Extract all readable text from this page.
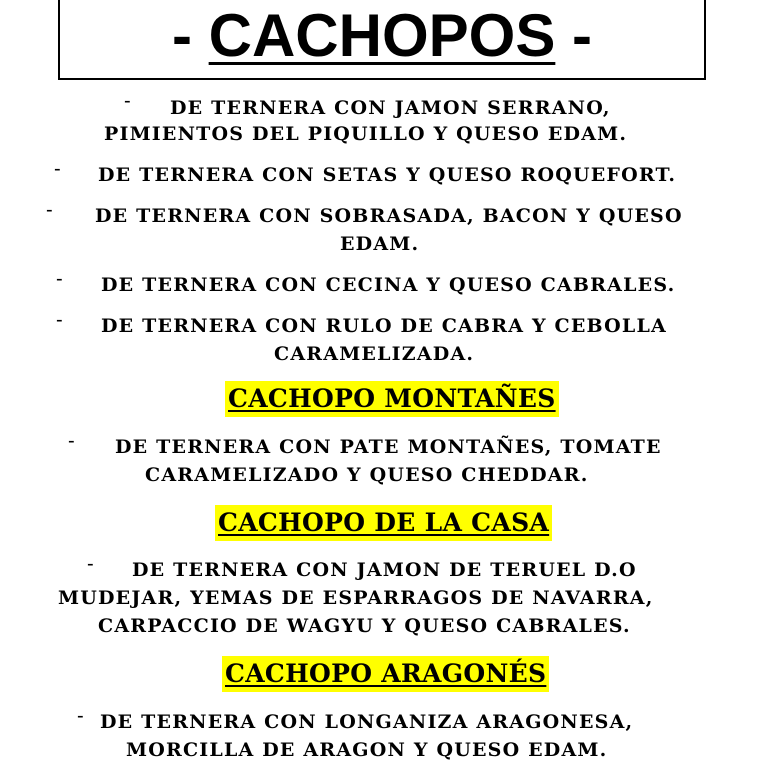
- CACHOPOS -
- DE TERNERA CON JAMON SERRANO,
PIMIENTOS DEL PIQUILLO Y QUESO EDAM.
- DE TERNERA CON SETAS Y QUESO ROQUEFORT.
- DE TERNERA CON SOBRASADA, BACON Y QUESO
EDAM.
- DE TERNERA CON CECINA Y QUESO CABRALES.
- DE TERNERA CON RULO DE CABRA Y CEBOLLA
CARAMELIZADA.
CACHOPO MONTAÑES
- DE TERNERA CON PATE MONTAÑES, TOMATE
CARAMELIZADO Y QUESO CHEDDAR.
CACHOPO DE LA CASA
- DE TERNERA CON JAMON DE TERUEL D.O
MUDEJAR, YEMAS DE ESPARRAGOS DE NAVARRA,
CARPACCIO DE WAGYU Y QUESO CABRALES.
CACHOPO ARAGONÉS
- DE TERNERA CON LONGANIZA ARAGONESA,
MORCILLA DE ARAGON Y QUESO EDAM.
